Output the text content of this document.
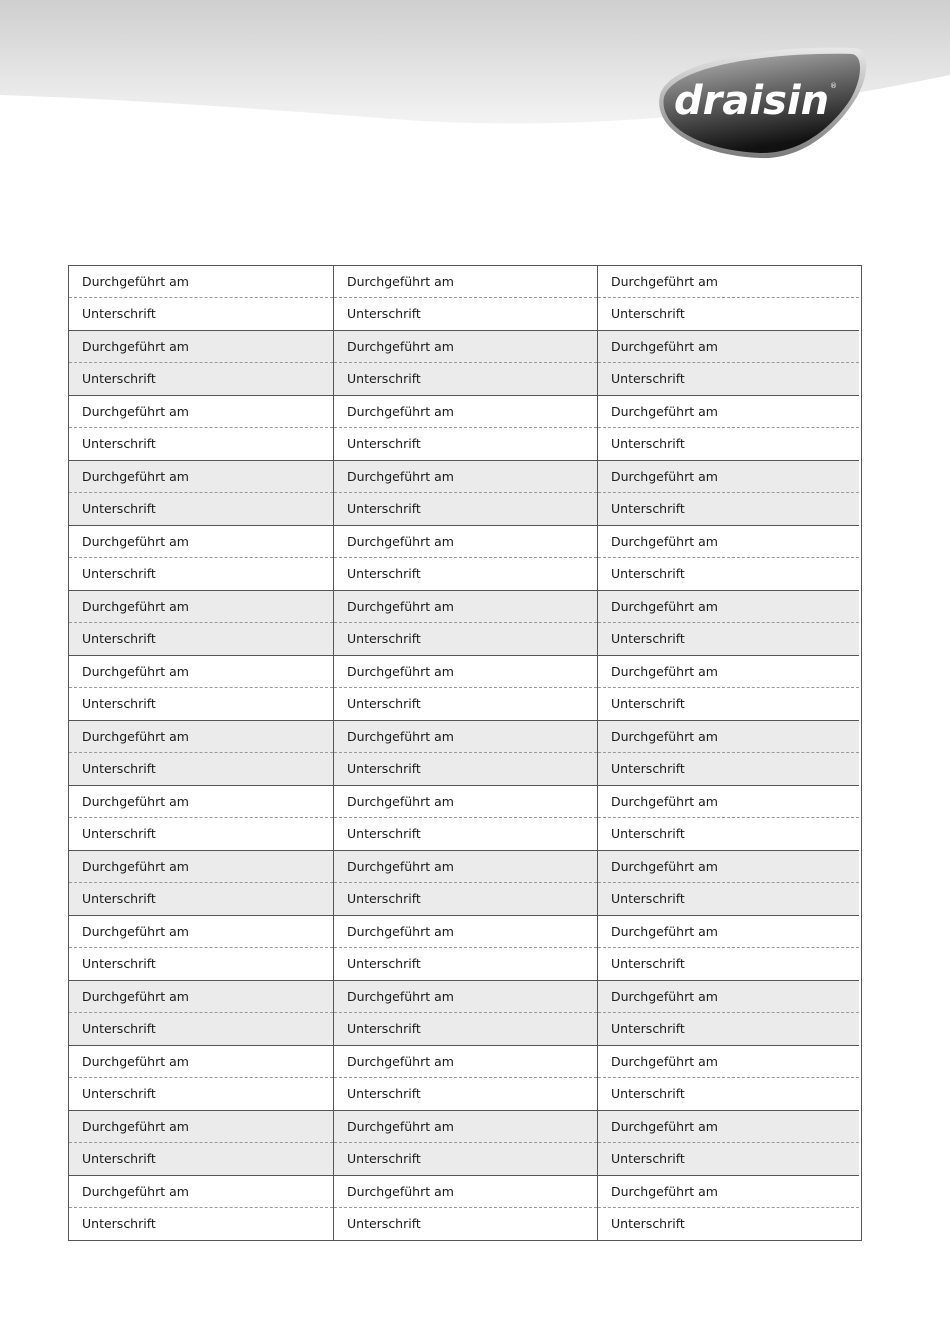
draisin ®
Durchgeführt am
Unterschrift
Durchgeführt am
Unterschrift
Durchgeführt am
Unterschrift
Durchgeführt am
Unterschrift
Durchgeführt am
Unterschrift
Durchgeführt am
Unterschrift
Durchgeführt am
Unterschrift
Durchgeführt am
Unterschrift
Durchgeführt am
Unterschrift
Durchgeführt am
Unterschrift
Durchgeführt am
Unterschrift
Durchgeführt am
Unterschrift
Durchgeführt am
Unterschrift
Durchgeführt am
Unterschrift
Durchgeführt am
Unterschrift
Durchgeführt am
Unterschrift
Durchgeführt am
Unterschrift
Durchgeführt am
Unterschrift
Durchgeführt am
Unterschrift
Durchgeführt am
Unterschrift
Durchgeführt am
Unterschrift
Durchgeführt am
Unterschrift
Durchgeführt am
Unterschrift
Durchgeführt am
Unterschrift
Durchgeführt am
Unterschrift
Durchgeführt am
Unterschrift
Durchgeführt am
Unterschrift
Durchgeführt am
Unterschrift
Durchgeführt am
Unterschrift
Durchgeführt am
Unterschrift
Durchgeführt am
Unterschrift
Durchgeführt am
Unterschrift
Durchgeführt am
Unterschrift
Durchgeführt am
Unterschrift
Durchgeführt am
Unterschrift
Durchgeführt am
Unterschrift
Durchgeführt am
Unterschrift
Durchgeführt am
Unterschrift
Durchgeführt am
Unterschrift
Durchgeführt am
Unterschrift
Durchgeführt am
Unterschrift
Durchgeführt am
Unterschrift
Durchgeführt am
Unterschrift
Durchgeführt am
Unterschrift
Durchgeführt am
Unterschrift
